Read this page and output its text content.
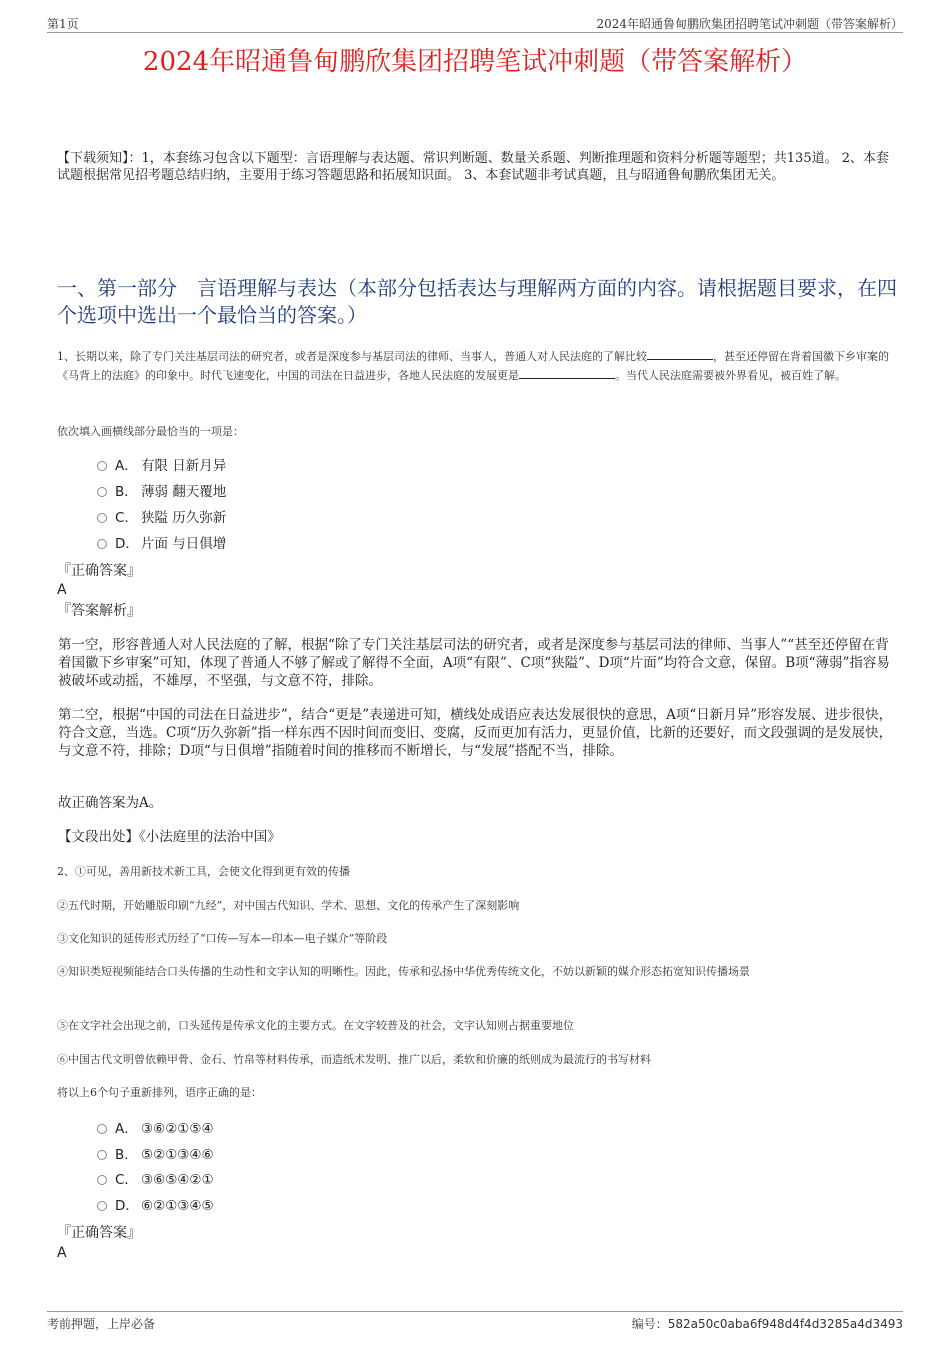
第1页	2024年昭通鲁甸鹏欣集团招聘笔试冲刺题（带答案解析）
2024年昭通鲁甸鹏欣集团招聘笔试冲刺题（带答案解析）
【下载须知】：1，本套练习包含以下题型：言语理解与表达题、常识判断题、数量关系题、判断推理题和资料分析题等题型；共135道。 2、本套试题根据常见招考题总结归纳，主要用于练习答题思路和拓展知识面。 3、本套试题非考试真题，且与昭通鲁甸鹏欣集团无关。
一、第一部分　言语理解与表达（本部分包括表达与理解两方面的内容。请根据题目要求，在四个选项中选出一个最恰当的答案。）
1、长期以来，除了专门关注基层司法的研究者，或者是深度参与基层司法的律师、当事人，普通人对人民法庭的了解比较	，甚至还停留在背着国徽下乡审案的《马背上的法庭》的印象中。时代飞速变化，中国的司法在日益进步，各地人民法庭的发展更是	。当代人民法庭需要被外界看见，被百姓了解。
依次填入画横线部分最恰当的一项是：
A． 有限 日新月异
B． 薄弱 翻天覆地
C． 狭隘 历久弥新
D． 片面 与日俱增
『正确答案』
A
『答案解析』
第一空，形容普通人对人民法庭的了解，根据“除了专门关注基层司法的研究者，或者是深度参与基层司法的律师、当事人”“甚至还停留在背着国徽下乡审案”可知，体现了普通人不够了解或了解得不全面，A项“有限”、C项“狭隘”、D项“片面”均符合文意，保留。B项“薄弱”指容易被破坏或动摇，不雄厚，不坚强，与文意不符，排除。
第二空，根据“中国的司法在日益进步”，结合“更是”表递进可知，横线处成语应表达发展很快的意思，A项“日新月异”形容发展、进步很快，符合文意，当选。C项“历久弥新”指一样东西不因时间而变旧、变腐，反而更加有活力，更显价值，比新的还要好，而文段强调的是发展快，与文意不符，排除；D项“与日俱增”指随着时间的推移而不断增长，与“发展”搭配不当，排除。
故正确答案为A。
【文段出处】《小法庭里的法治中国》
2、①可见，善用新技术新工具，会使文化得到更有效的传播
②五代时期，开始雕版印刷“九经”，对中国古代知识、学术、思想、文化的传承产生了深刻影响
③文化知识的延传形式历经了“口传—写本—印本—电子媒介”等阶段
④知识类短视频能结合口头传播的生动性和文字认知的明晰性。因此，传承和弘扬中华优秀传统文化，不妨以新颖的媒介形态拓宽知识传播场景
⑤在文字社会出现之前，口头延传是传承文化的主要方式。在文字较普及的社会，文字认知则占据重要地位
⑥中国古代文明曾依赖甲骨、金石、竹帛等材料传承，而造纸术发明、推广以后，柔软和价廉的纸则成为最流行的书写材料
将以上6个句子重新排列，语序正确的是：
A． ③⑥②①⑤④
B． ⑤②①③④⑥
C． ③⑥⑤④②①
D． ⑥②①③④⑤
『正确答案』
A
考前押题，上岸必备	编号：582a50c0aba6f948d4f4d3285a4d3493
